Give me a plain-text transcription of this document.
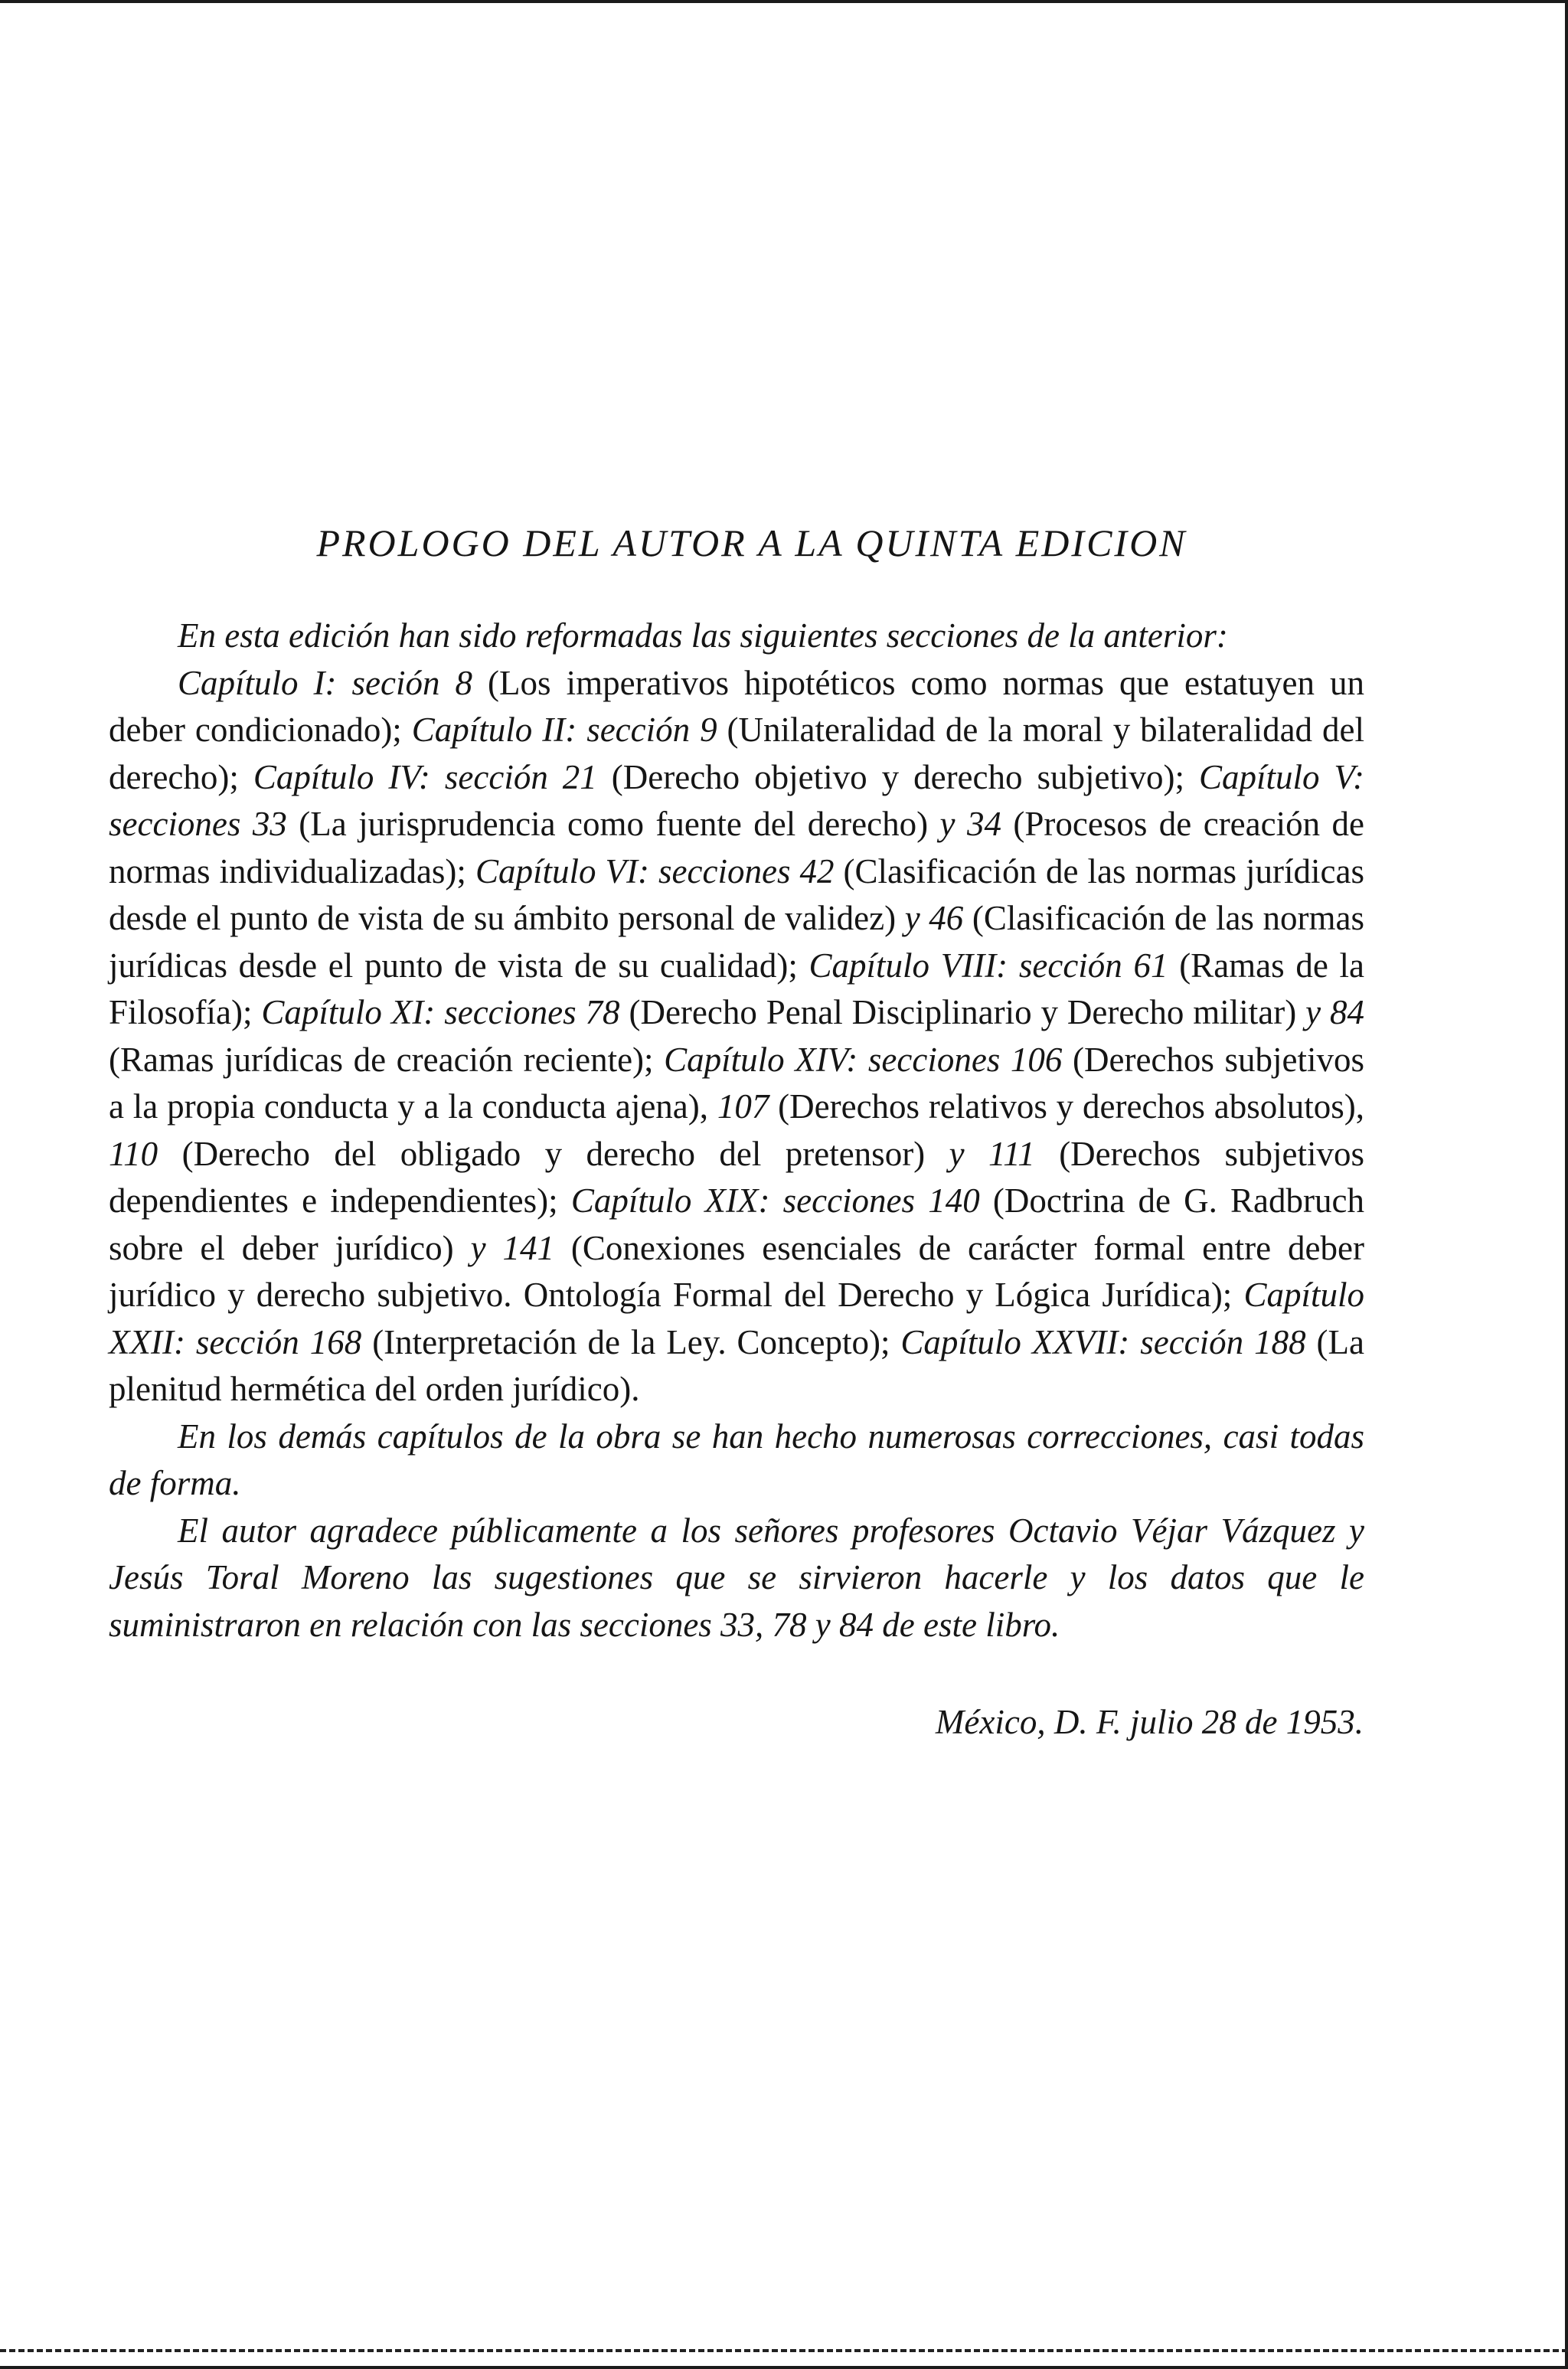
PROLOGO DEL AUTOR A LA QUINTA EDICION

En esta edición han sido reformadas las siguientes secciones de la anterior:

Capítulo I: seción 8 (Los imperativos hipotéticos como normas que estatuyen un deber condicionado); Capítulo II: sección 9 (Unilateralidad de la moral y bilateralidad del derecho); Capítulo IV: sección 21 (Derecho objetivo y derecho subjetivo); Capítulo V: secciones 33 (La jurisprudencia como fuente del derecho) y 34 (Procesos de creación de normas individualizadas); Capítulo VI: secciones 42 (Clasificación de las normas jurídicas desde el punto de vista de su ámbito personal de validez) y 46 (Clasificación de las normas jurídicas desde el punto de vista de su cualidad); Capítulo VIII: sección 61 (Ramas de la Filosofía); Capítulo XI: secciones 78 (Derecho Penal Disciplinario y Derecho militar) y 84 (Ramas jurídicas de creación reciente); Capítulo XIV: secciones 106 (Derechos subjetivos a la propia conducta y a la conducta ajena), 107 (Derechos relativos y derechos absolutos), 110 (Derecho del obligado y derecho del pretensor) y 111 (Derechos subjetivos dependientes e independientes); Capítulo XIX: secciones 140 (Doctrina de G. Radbruch sobre el deber jurídico) y 141 (Conexiones esenciales de carácter formal entre deber jurídico y derecho subjetivo. Ontología Formal del Derecho y Lógica Jurídica); Capítulo XXII: sección 168 (Interpretación de la Ley. Concepto); Capítulo XXVII: sección 188 (La plenitud hermética del orden jurídico).

En los demás capítulos de la obra se han hecho numerosas correcciones, casi todas de forma.

El autor agradece públicamente a los señores profesores Octavio Véjar Vázquez y Jesús Toral Moreno las sugestiones que se sirvieron hacerle y los datos que le suministraron en relación con las secciones 33, 78 y 84 de este libro.

México, D. F. julio 28 de 1953.
